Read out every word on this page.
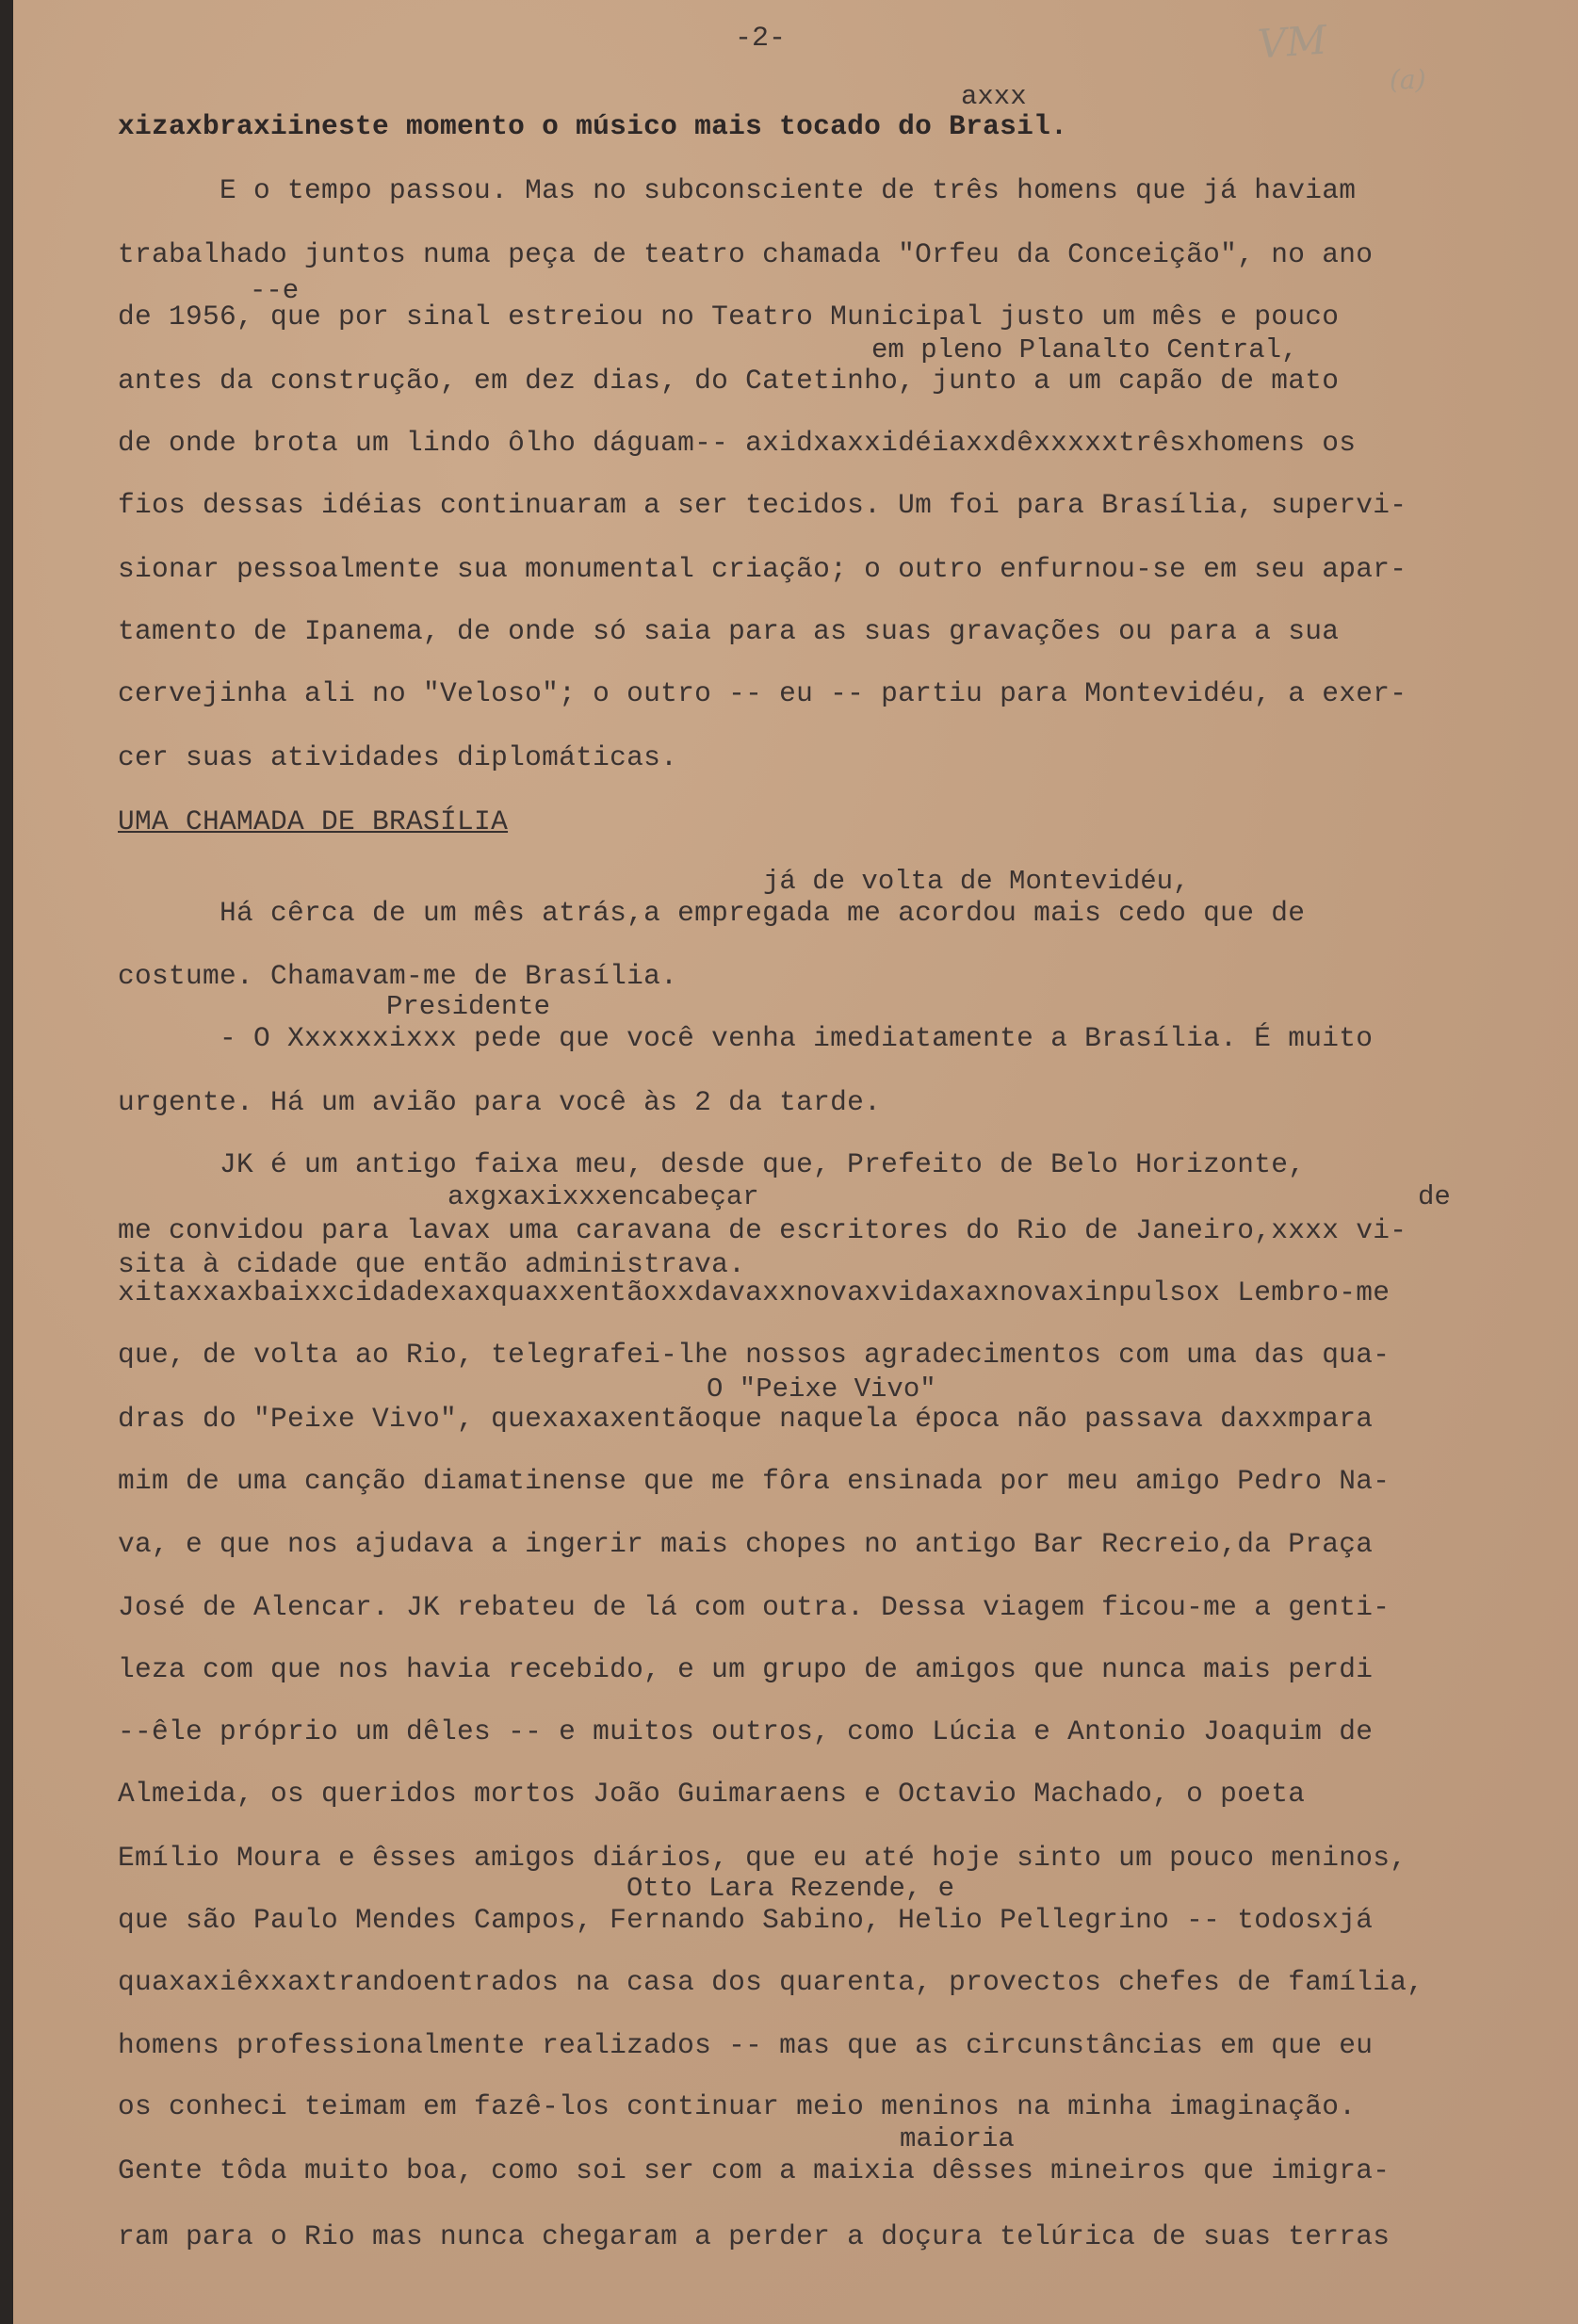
-2-	VM
(a)
xizaxbraxiineste momento o músico mais tocado do Brasil.
E o tempo passou. Mas no subconsciente de três homens que já haviam
trabalhado juntos numa peça de teatro chamada "Orfeu da Conceição", no ano
de 1956, que por sinal estreiou no Teatro Municipal justo um mês e pouco
antes da construção, em dez dias, do Catetinho, junto a um capão de mato
de onde brota um lindo ôlho dáguam-- axidxaxxidéiaxxdêxxxxxtrêsxhomens os
fios dessas idéias continuaram a ser tecidos. Um foi para Brasília, supervi-
sionar pessoalmente sua monumental criação; o outro enfurnou-se em seu apar-
tamento de Ipanema, de onde só saia para as suas gravações ou para a sua
cervejinha ali no "Veloso"; o outro -- eu -- partiu para Montevidéu, a exer-
cer suas atividades diplomáticas.
UMA CHAMADA DE BRASÍLIA
Há cêrca de um mês atrás,a empregada me acordou mais cedo que de
costume. Chamavam-me de Brasília.
- O Xxxxxxixxx pede que você venha imediatamente a Brasília. É muito
urgente. Há um avião para você às 2 da tarde.
JK é um antigo faixa meu, desde que, Prefeito de Belo Horizonte,
me convidou para lavax uma caravana de escritores do Rio de Janeiro,xxxx vi-
sita à cidade que então administrava.
xitaxxaxbaixxcidadexaxquaxxentãoxxdavaxxnovaxvidaxaxnovaxinpulsox Lembro-me
que, de volta ao Rio, telegrafei-lhe nossos agradecimentos com uma das qua-
dras do "Peixe Vivo", quexaxaxentãoque naquela época não passava daxxmpara
mim de uma canção diamatinense que me fôra ensinada por meu amigo Pedro Na-
va, e que nos ajudava a ingerir mais chopes no antigo Bar Recreio,da Praça
José de Alencar. JK rebateu de lá com outra. Dessa viagem ficou-me a genti-
leza com que nos havia recebido, e um grupo de amigos que nunca mais perdi
--êle próprio um dêles -- e muitos outros, como Lúcia e Antonio Joaquim de
Almeida, os queridos mortos João Guimaraens e Octavio Machado, o poeta
Emílio Moura e êsses amigos diários, que eu até hoje sinto um pouco meninos,
que são Paulo Mendes Campos, Fernando Sabino, Helio Pellegrino -- todosxjá
quaxaxiêxxaxtrandoentrados na casa dos quarenta, provectos chefes de família,
homens professionalmente realizados -- mas que as circunstâncias em que eu
os conheci teimam em fazê-los continuar meio meninos na minha imaginação.
Gente tôda muito boa, como soi ser com a maixia dêsses mineiros que imigra-
ram para o Rio mas nunca chegaram a perder a doçura telúrica de suas terras
axxx
--e
em pleno Planalto Central,
já de volta de Montevidéu,
Presidente
axgxaxixxxencabeçar	de
O "Peixe Vivo"
Otto Lara Rezende, e
maioria
